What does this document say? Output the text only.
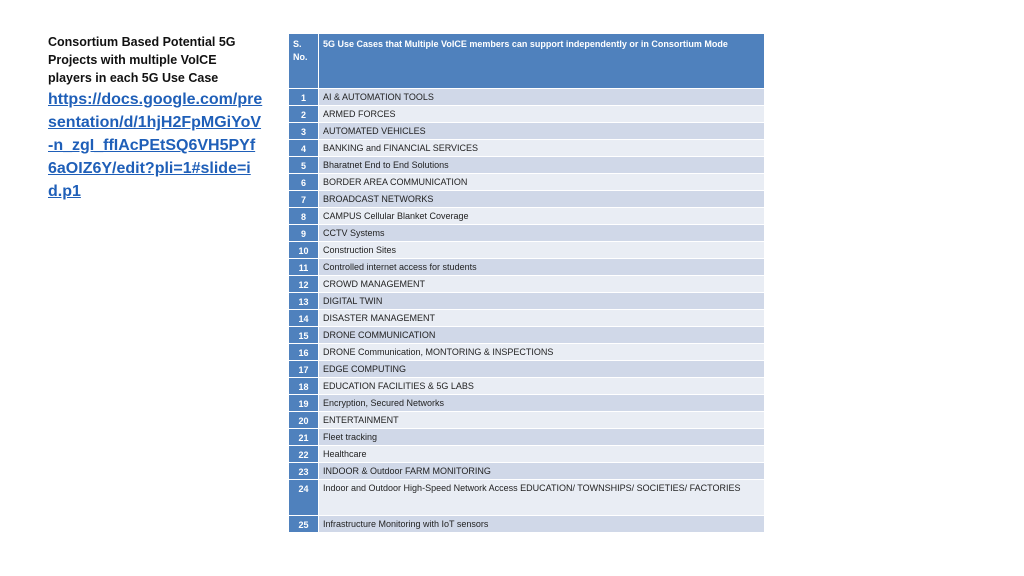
Consortium Based Potential 5G
Projects with multiple VoICE
players in each 5G Use Case
https://docs.google.com/presentation/d/1hjH2FpMGiYoV-n_zgI_ffIAcPEtSQ6VH5PYf6aOIZ6Y/edit?pli=1#slide=id.p1
S. No.	5G Use Cases that Multiple VoICE members can support independently or in Consortium Mode
1	AI & AUTOMATION TOOLS
2	ARMED FORCES
3	AUTOMATED VEHICLES
4	BANKING and FINANCIAL SERVICES
5	Bharatnet End to End Solutions
6	BORDER AREA COMMUNICATION
7	BROADCAST NETWORKS
8	CAMPUS Cellular Blanket Coverage
9	CCTV Systems
10	Construction Sites
11	Controlled internet access for students
12	CROWD MANAGEMENT
13	DIGITAL TWIN
14	DISASTER MANAGEMENT
15	DRONE COMMUNICATION
16	DRONE Communication, MONTORING & INSPECTIONS
17	EDGE COMPUTING
18	EDUCATION FACILITIES & 5G LABS
19	Encryption, Secured Networks
20	ENTERTAINMENT
21	Fleet tracking
22	Healthcare
23	INDOOR & Outdoor FARM MONITORING
24	Indoor and Outdoor High-Speed Network Access EDUCATION/ TOWNSHIPS/ SOCIETIES/ FACTORIES
25	Infrastructure Monitoring with IoT sensors
